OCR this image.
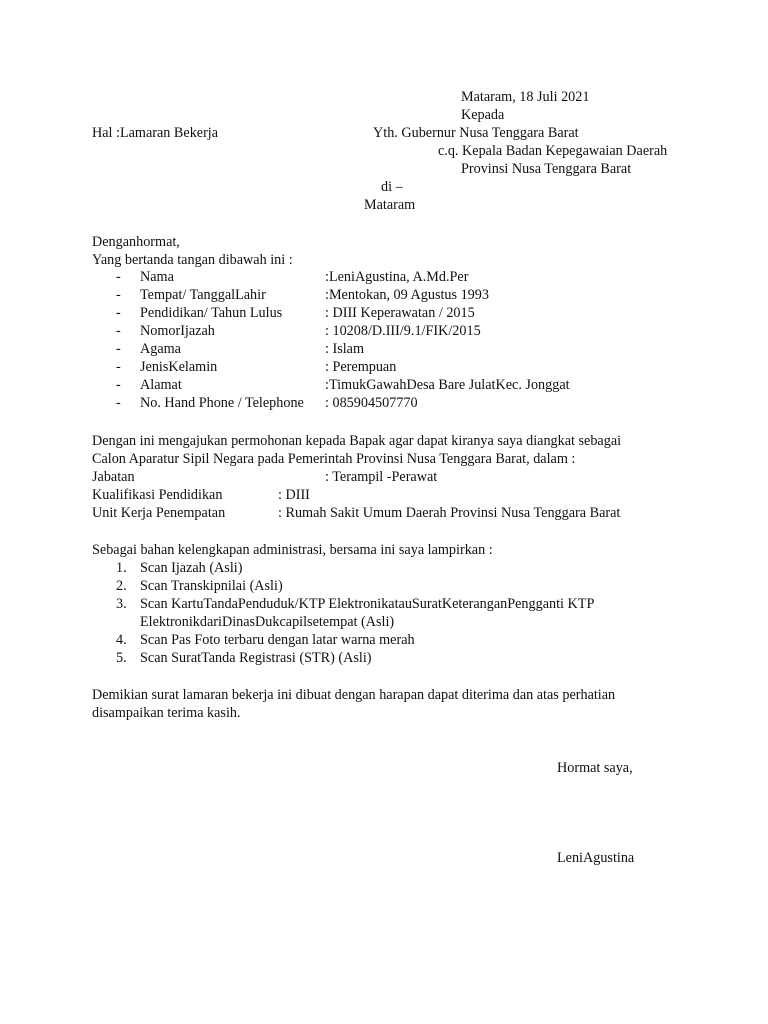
Mataram, 18 Juli 2021
Kepada
Hal :Lamaran Bekerja	Yth. Gubernur Nusa Tenggara Barat
c.q. Kepala Badan Kepegawaian Daerah
Provinsi Nusa Tenggara Barat
di –
Mataram
Denganhormat,
Yang bertanda tangan dibawah ini :
- Nama	:LeniAgustina, A.Md.Per
- Tempat/ TanggalLahir	:Mentokan, 09 Agustus 1993
- Pendidikan/ Tahun Lulus	: DIII Keperawatan / 2015
- NomorIjazah	: 10208/D.III/9.1/FIK/2015
- Agama	: Islam
- JenisKelamin	: Perempuan
- Alamat	:TimukGawahDesa Bare JulatKec. Jonggat
- No. Hand Phone / Telephone : 085904507770
Dengan ini mengajukan permohonan kepada Bapak agar dapat kiranya saya diangkat sebagai
Calon Aparatur Sipil Negara pada Pemerintah Provinsi Nusa Tenggara Barat, dalam :
Jabatan	: Terampil -Perawat
Kualifikasi Pendidikan	: DIII
Unit Kerja Penempatan	: Rumah Sakit Umum Daerah Provinsi Nusa Tenggara Barat
Sebagai bahan kelengkapan administrasi, bersama ini saya lampirkan :
1. Scan Ijazah (Asli)
2. Scan Transkipnilai (Asli)
3. Scan KartuTandaPenduduk/KTP ElektronikatauSuratKeteranganPengganti KTP
ElektronikdariDinasDukcapilsetempat (Asli)
4. Scan Pas Foto terbaru dengan latar warna merah
5. Scan SuratTanda Registrasi (STR) (Asli)
Demikian surat lamaran bekerja ini dibuat dengan harapan dapat diterima dan atas perhatian
disampaikan terima kasih.
Hormat saya,
LeniAgustina
